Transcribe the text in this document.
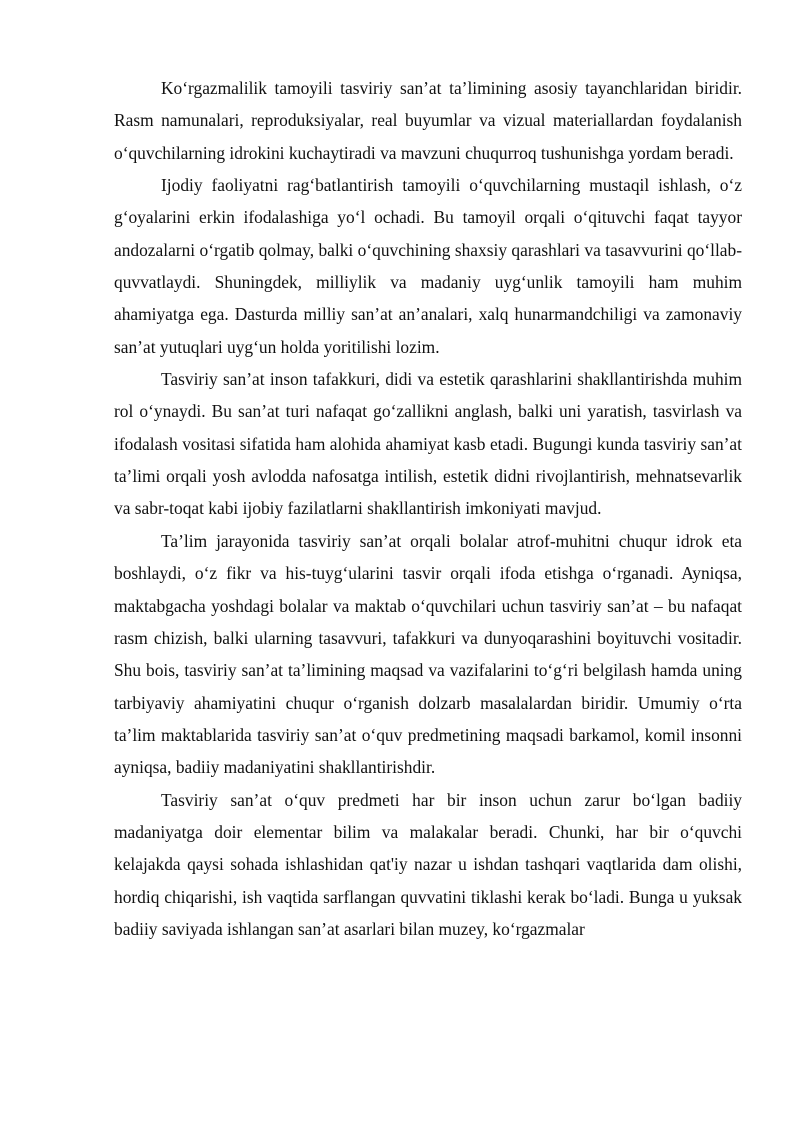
Ko‘rgazmalilik tamoyili tasviriy san’at ta’limining asosiy tayanchlaridan biridir. Rasm namunalari, reproduksiyalar, real buyumlar va vizual materiallardan foydalanish o‘quvchilarning idrokini kuchaytiradi va mavzuni chuqurroq tushunishga yordam beradi.

Ijodiy faoliyatni rag‘batlantirish tamoyili o‘quvchilarning mustaqil ishlash, o‘z g‘oyalarini erkin ifodalashiga yo‘l ochadi. Bu tamoyil orqali o‘qituvchi faqat tayyor andozalarni o‘rgatib qolmay, balki o‘quvchining shaxsiy qarashlari va tasavvurini qo‘llab-quvvatlaydi. Shuningdek, milliylik va madaniy uyg‘unlik tamoyili ham muhim ahamiyatga ega. Dasturda milliy san’at an’analari, xalq hunarmandchiligi va zamonaviy san’at yutuqlari uyg‘un holda yoritilishi lozim.

Tasviriy san’at inson tafakkuri, didi va estetik qarashlarini shakllantirishda muhim rol o‘ynaydi. Bu san’at turi nafaqat go‘zallikni anglash, balki uni yaratish, tasvirlash va ifodalash vositasi sifatida ham alohida ahamiyat kasb etadi. Bugungi kunda tasviriy san’at ta’limi orqali yosh avlodda nafosatga intilish, estetik didni rivojlantirish, mehnatsevarlik va sabr-toqat kabi ijobiy fazilatlarni shakllantirish imkoniyati mavjud.

Ta’lim jarayonida tasviriy san’at orqali bolalar atrof-muhitni chuqur idrok eta boshlaydi, o‘z fikr va his-tuyg‘ularini tasvir orqali ifoda etishga o‘rganadi. Ayniqsa, maktabgacha yoshdagi bolalar va maktab o‘quvchilari uchun tasviriy san’at – bu nafaqat rasm chizish, balki ularning tasavvuri, tafakkuri va dunyoqarashini boyituvchi vositadir. Shu bois, tasviriy san’at ta’limining maqsad va vazifalarini to‘g‘ri belgilash hamda uning tarbiyaviy ahamiyatini chuqur o‘rganish dolzarb masalalardan biridir. Umumiy o‘rta ta’lim maktablarida tasviriy san’at o‘quv predmetining maqsadi barkamol, komil insonni ayniqsa, badiiy madaniyatini shakllantirishdir.

Tasviriy san’at o‘quv predmeti har bir inson uchun zarur bo‘lgan badiiy madaniyatga doir elementar bilim va malakalar beradi. Chunki, har bir o‘quvchi kelajakda qaysi sohada ishlashidan qat'iy nazar u ishdan tashqari vaqtlarida dam olishi, hordiq chiqarishi, ish vaqtida sarflangan quvvatini tiklashi kerak bo‘ladi. Bunga u yuksak badiiy saviyada ishlangan san’at asarlari bilan muzey, ko‘rgazmalar
